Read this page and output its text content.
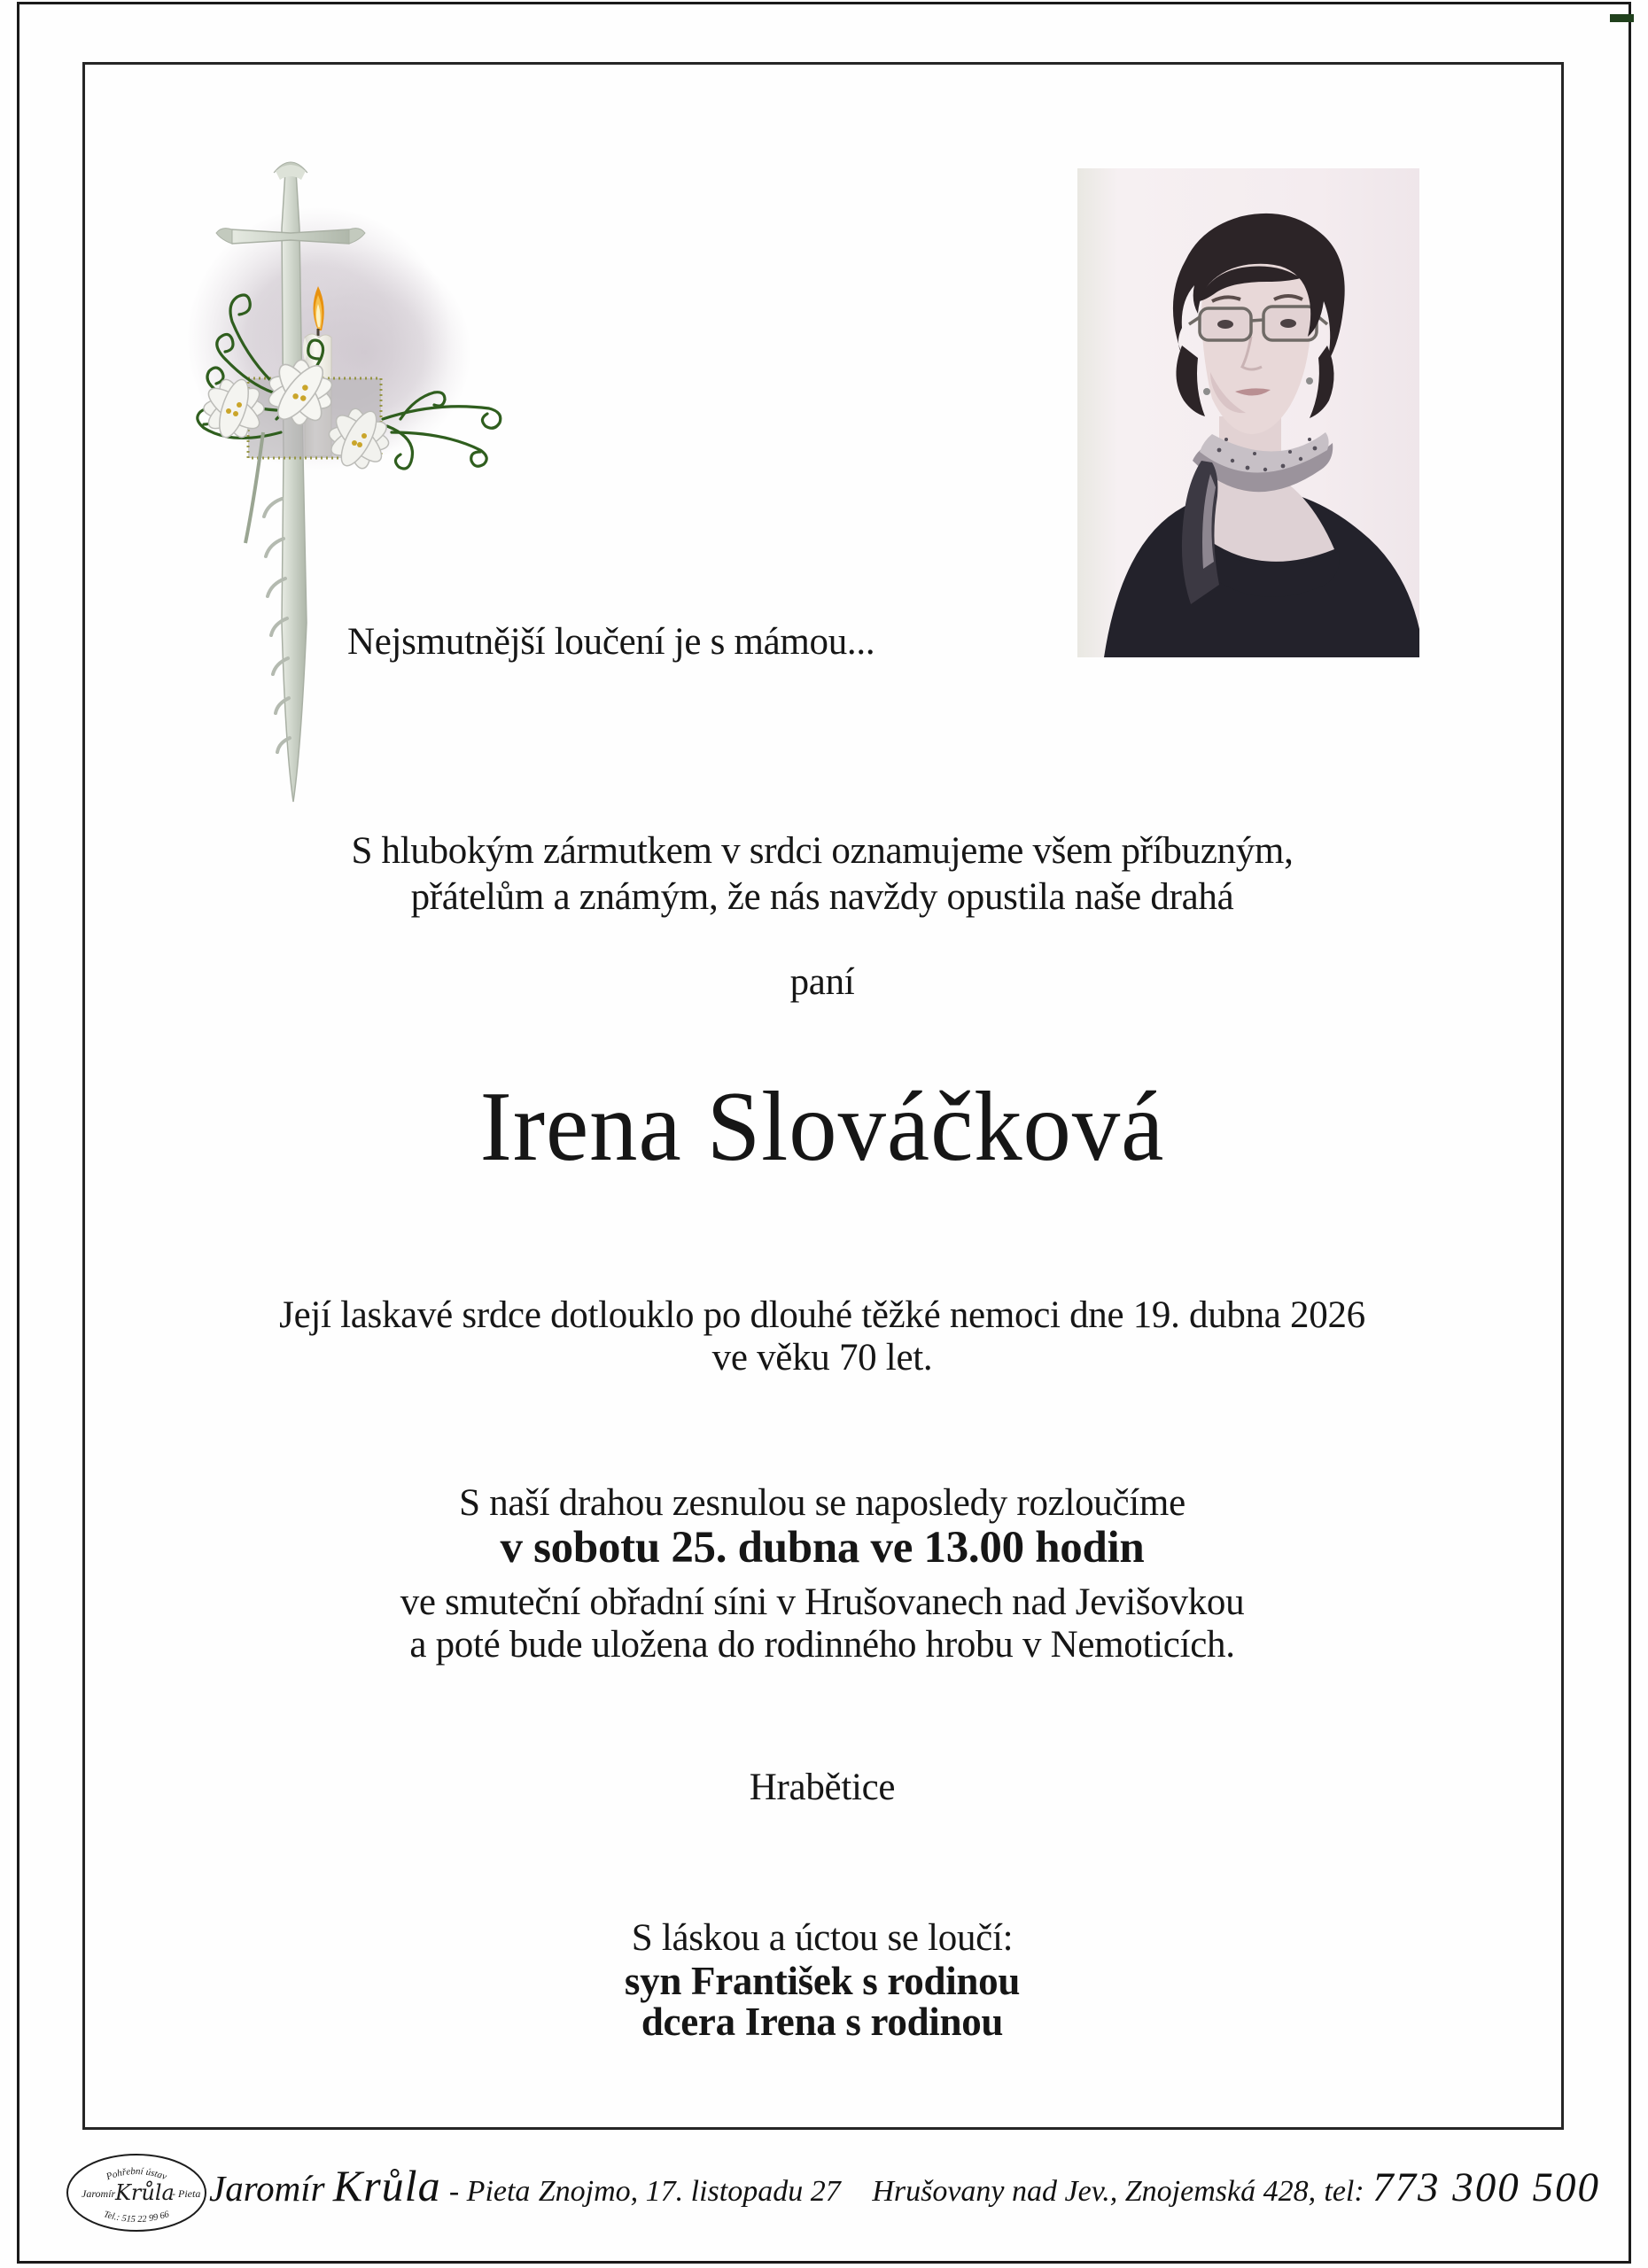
Nejsmutnější loučení je s mámou...
S hlubokým zármutkem v srdci oznamujeme všem příbuzným,
přátelům a známým, že nás navždy opustila naše drahá
paní
Irena Slováčková
Její laskavé srdce dotlouklo po dlouhé těžké nemoci dne 19. dubna 2026
ve věku 70 let.
S naší drahou zesnulou se naposledy rozloučíme
v sobotu 25. dubna ve 13.00 hodin
ve smuteční obřadní síni v Hrušovanech nad Jevišovkou
a poté bude uložena do rodinného hrobu v Nemoticích.
Hrabětice
S láskou a úctou se loučí:
syn František s rodinou
dcera Irena s rodinou
Pohřební ústav
Jaromír Krůla
- Pieta
Tel.: 515 22 99 66
Jaromír Krůla - Pieta Znojmo, 17. listopadu 27 Hrušovany nad Jev., Znojemská 428, tel: 773 300 500
